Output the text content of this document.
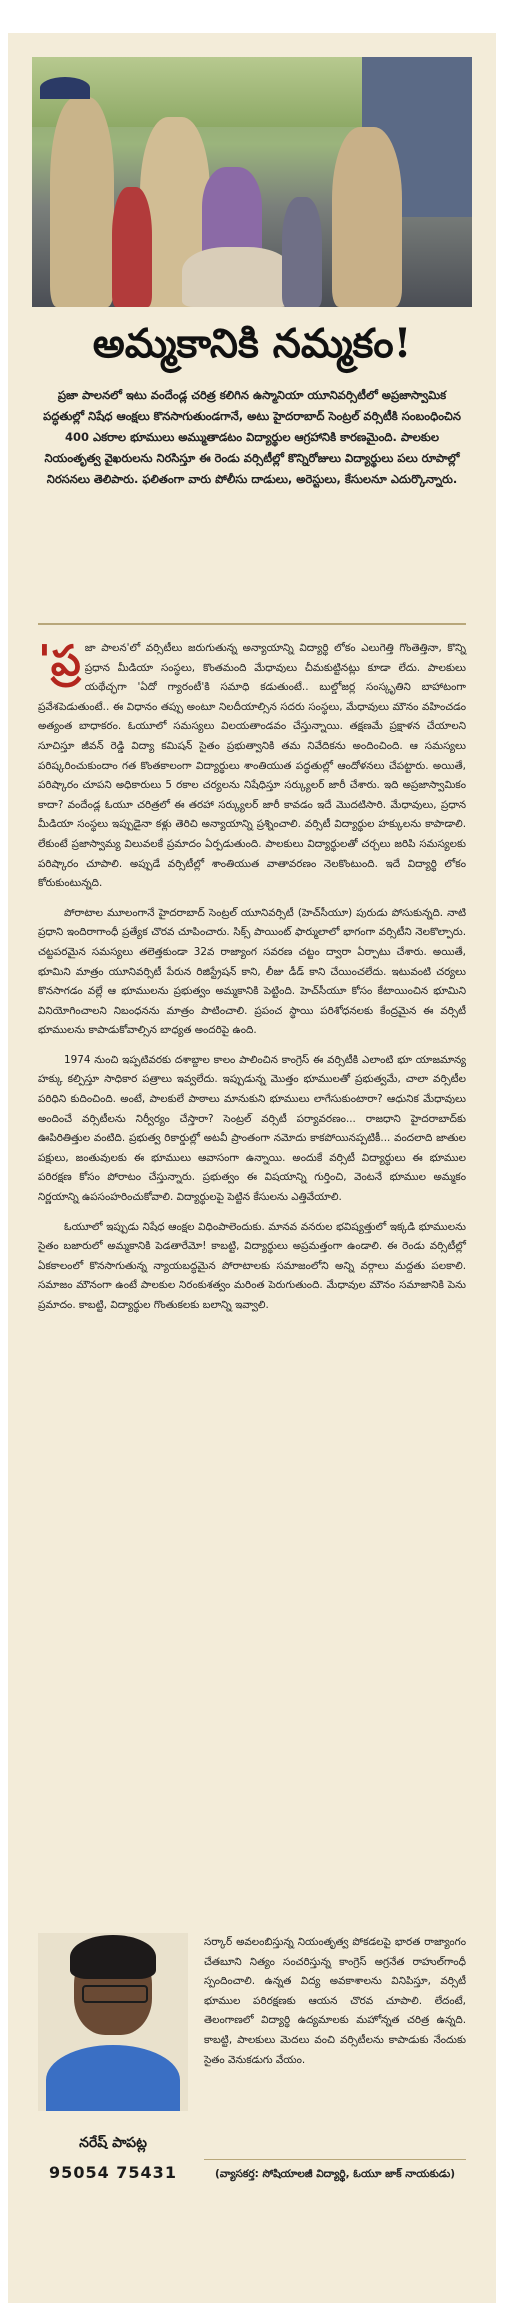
అమ్మకానికి నమ్మకం!
ప్రజా పాలనలో ఇటు వందేండ్ల చరిత్ర కలిగిన ఉస్మానియా యూనివర్సిటీలో అప్రజాస్వామిక పద్ధతుల్లో నిషేధ ఆంక్షలు కొనసాగుతుండగానే, అటు హైదరాబాద్ సెంట్రల్ వర్సిటీకి సంబంధించిన 400 ఎకరాల భూములు అమ్ముతాడటం విద్యార్థుల ఆగ్రహానికి కారణమైంది. పాలకుల నియంతృత్వ వైఖరులను నిరసిస్తూ ఈ రెండు వర్సిటీల్లో కొన్నిరోజులు విద్యార్థులు పలు రూపాల్లో నిరసనలు తెలిపారు. ఫలితంగా వారు పోలీసు దాడులు, అరెస్టులు, కేసులనూ ఎదుర్కొన్నారు.

'ప్ర జా పాలన'లో వర్సిటీలు జరుగుతున్న అన్యాయాన్ని విద్యార్థి లోకం ఎలుగెత్తి గొంతెత్తినా, కొన్ని ప్రధాన మీడియా సంస్థలు, కొంతమంది మేధావులు చీమకుట్టినట్లు కూడా లేదు. పాలకులు యథేచ్ఛగా 'ఏదో గ్యారంటీ'కి సమాధి కడుతుంటే.. బుల్డోజర్ల సంస్కృతిని బాహాటంగా ప్రవేశపెడుతుంటే.. ఈ విధానం తప్పు అంటూ నిలదీయాల్సిన సదరు సంస్థలు, మేధావులు మౌనం వహించడం అత్యంత బాధాకరం. ఓయూలో సమస్యలు విలయతాండవం చేస్తున్నాయి. తక్షణమే ప్రక్షాళన చేయాలని సూచిస్తూ జీవన్ రెడ్డి విద్యా కమిషన్ సైతం ప్రభుత్వానికి తమ నివేదికను అందించింది. ఆ సమస్యలు పరిష్కరించుకుందాం గత కొంతకాలంగా విద్యార్థులు శాంతియుత పద్ధతుల్లో ఆందోళనలు చేపట్టారు. అయితే, పరిష్కారం చూపని అధికారులు 5 రకాల చర్యలను నిషేధిస్తూ సర్క్యులర్ జారీ చేశారు. ఇది అప్రజాస్వామికం కాదా? వందేండ్ల ఓయూ చరిత్రలో ఈ తరహా సర్క్యులర్ జారీ కావడం ఇదే మొదటిసారి. మేధావులు, ప్రధాన మీడియా సంస్థలు ఇప్పుడైనా కళ్లు తెరిచి అన్యాయాన్ని ప్రశ్నించాలి. వర్సిటీ విద్యార్థుల హక్కులను కాపాడాలి. లేకుంటే ప్రజాస్వామ్య విలువలకే ప్రమాదం ఏర్పడుతుంది. పాలకులు విద్యార్థులతో చర్చలు జరిపి సమస్యలకు పరిష్కారం చూపాలి. అప్పుడే వర్సిటీల్లో శాంతియుత వాతావరణం నెలకొంటుంది. ఇదే విద్యార్థి లోకం కోరుకుంటున్నది.

పోరాటాల మూలంగానే హైదరాబాద్ సెంట్రల్ యూనివర్సిటీ (హెచ్‌సీయూ) పురుడు పోసుకున్నది. నాటి ప్రధాని ఇందిరాగాంధీ ప్రత్యేక చొరవ చూపించారు. సిక్స్ పాయింట్ ఫార్ములాలో భాగంగా వర్సిటీని నెలకొల్పారు. చట్టపరమైన సమస్యలు తలెత్తకుండా 32వ రాజ్యాంగ సవరణ చట్టం ద్వారా ఏర్పాటు చేశారు. అయితే, భూమిని మాత్రం యూనివర్సిటీ పేరున రిజిస్ట్రేషన్ కాని, లీజు డీడ్ కాని చేయించలేదు. ఇటువంటి చర్యలు కొనసాగడం వల్లే ఆ భూములను ప్రభుత్వం అమ్మకానికి పెట్టింది. హెచ్‌సీయూ కోసం కేటాయించిన భూమిని వినియోగించాలని నిబంధనను మాత్రం పాటించాలి. ప్రపంచ స్థాయి పరిశోధనలకు కేంద్రమైన ఈ వర్సిటీ భూములను కాపాడుకోవాల్సిన బాధ్యత అందరిపై ఉంది.

1974 నుంచి ఇప్పటివరకు దశాబ్దాల కాలం పాలించిన కాంగ్రెస్ ఈ వర్సిటీకి ఎలాంటి భూ యాజమాన్య హక్కు కల్పిస్తూ సాధికార పత్రాలు ఇవ్వలేదు. ఇప్పుడున్న మొత్తం భూములతో ప్రభుత్వమే, చాలా వర్సిటీల పరిధిని కుదించింది. అంటే, పాలకులే పాఠాలు మానుకుని భూములు లాగేసుకుంటారా? ఆధునిక మేధావులు అందించే వర్సిటీలను నిర్వీర్యం చేస్తారా? సెంట్రల్ వర్సిటీ పర్యావరణం... రాజధాని హైదరాబాద్‌కు ఊపిరితిత్తుల వంటిది. ప్రభుత్వ రికార్డుల్లో అటవీ ప్రాంతంగా నమోదు కాకపోయినప్పటికీ... వందలాది జాతుల పక్షులు, జంతువులకు ఈ భూములు ఆవాసంగా ఉన్నాయి. అందుకే వర్సిటీ విద్యార్థులు ఈ భూముల పరిరక్షణ కోసం పోరాటం చేస్తున్నారు. ప్రభుత్వం ఈ విషయాన్ని గుర్తించి, వెంటనే భూముల అమ్మకం నిర్ణయాన్ని ఉపసంహరించుకోవాలి. విద్యార్థులపై పెట్టిన కేసులను ఎత్తివేయాలి.

ఓయూలో ఇప్పుడు నిషేధ ఆంక్షల విధింపాలెందుకు. మానవ వనరుల భవిష్యత్తులో ఇక్కడి భూములను సైతం బజారులో అమ్మకానికి పెడతారేమో! కాబట్టి, విద్యార్థులు అప్రమత్తంగా ఉండాలి. ఈ రెండు వర్సిటీల్లో ఏకకాలంలో కొనసాగుతున్న న్యాయబద్ధమైన పోరాటాలకు సమాజంలోని అన్ని వర్గాలు మద్దతు పలకాలి. సమాజం మౌనంగా ఉంటే పాలకుల నిరంకుశత్వం మరింత పెరుగుతుంది. మేధావుల మౌనం సమాజానికి పెను ప్రమాదం. కాబట్టి, విద్యార్థుల గొంతుకలకు బలాన్ని ఇవ్వాలి.

సర్కార్ అవలంబిస్తున్న నియంతృత్వ పోకడలపై భారత రాజ్యాంగం చేతబూని నిత్యం సంచరిస్తున్న కాంగ్రెస్ అగ్రనేత రాహుల్‌గాంధీ స్పందించాలి. ఉన్నత విద్య అవకాశాలను వినిపిస్తూ, వర్సిటీ భూముల పరిరక్షణకు ఆయన చొరవ చూపాలి. లేదంటే, తెలంగాణలో విద్యార్థి ఉద్యమాలకు మహోన్నత చరిత్ర ఉన్నది. కాబట్టి, పాలకులు మెదలు వంచి వర్సిటీలను కాపాడుకు నేందుకు సైతం వెనుకడుగు వేయం.
నరేష్ పాపట్ల
95054 75431	(వ్యాసకర్త: సోషియాలజీ విద్యార్థి, ఓయూ జాక్ నాయకుడు)
